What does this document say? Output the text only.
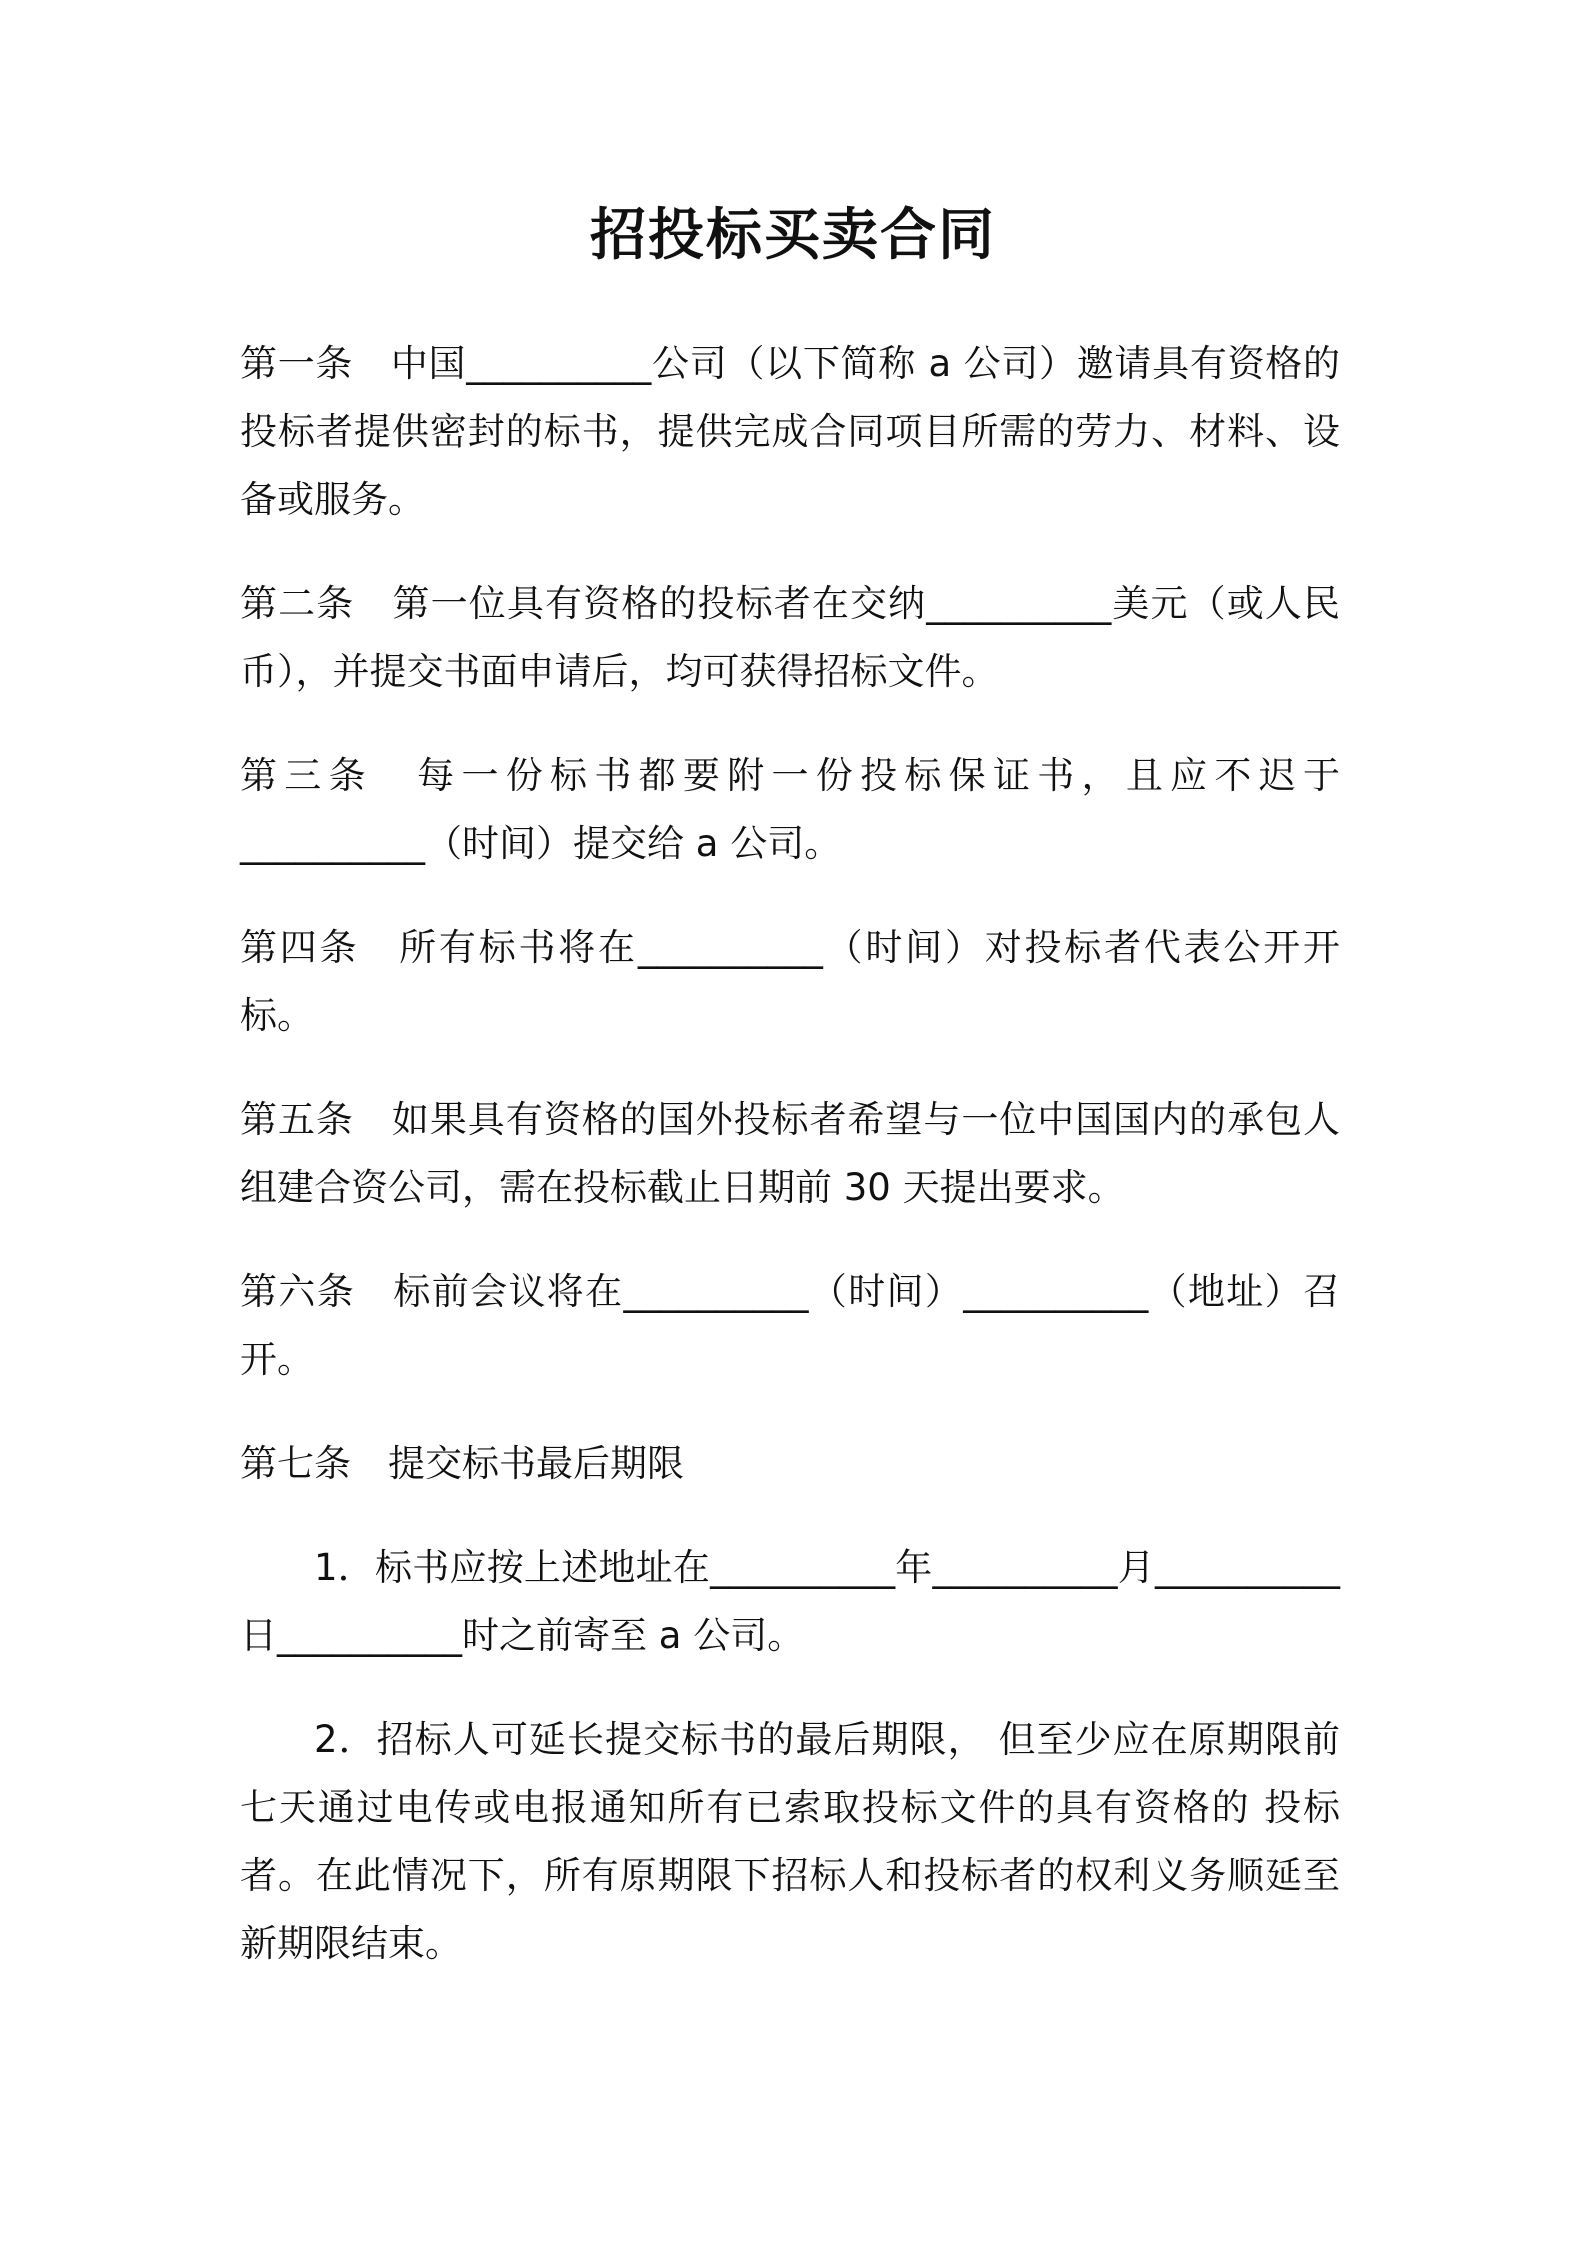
招投标买卖合同

第一条　中国__________公司（以下简称 a 公司）邀请具有资格的投标者提供密封的标书，提供完成合同项目所需的劳力、材料、设备或服务。

第二条　第一位具有资格的投标者在交纳__________美元（或人民币），并提交书面申请后，均可获得招标文件。

第三条　每一份标书都要附一份投标保证书，且应不迟于__________（时间）提交给 a 公司。

第四条　所有标书将在__________（时间）对投标者代表公开开标。

第五条　如果具有资格的国外投标者希望与一位中国国内的承包人组建合资公司，需在投标截止日期前 30 天提出要求。

第六条　标前会议将在__________（时间）__________（地址）召开。

第七条　提交标书最后期限

1．标书应按上述地址在__________年__________月__________日__________时之前寄至 a 公司。

2．招标人可延长提交标书的最后期限， 但至少应在原期限前七天通过电传或电报通知所有已索取投标文件的具有资格的 投标者。在此情况下，所有原期限下招标人和投标者的权利义务顺延至新期限结束。
